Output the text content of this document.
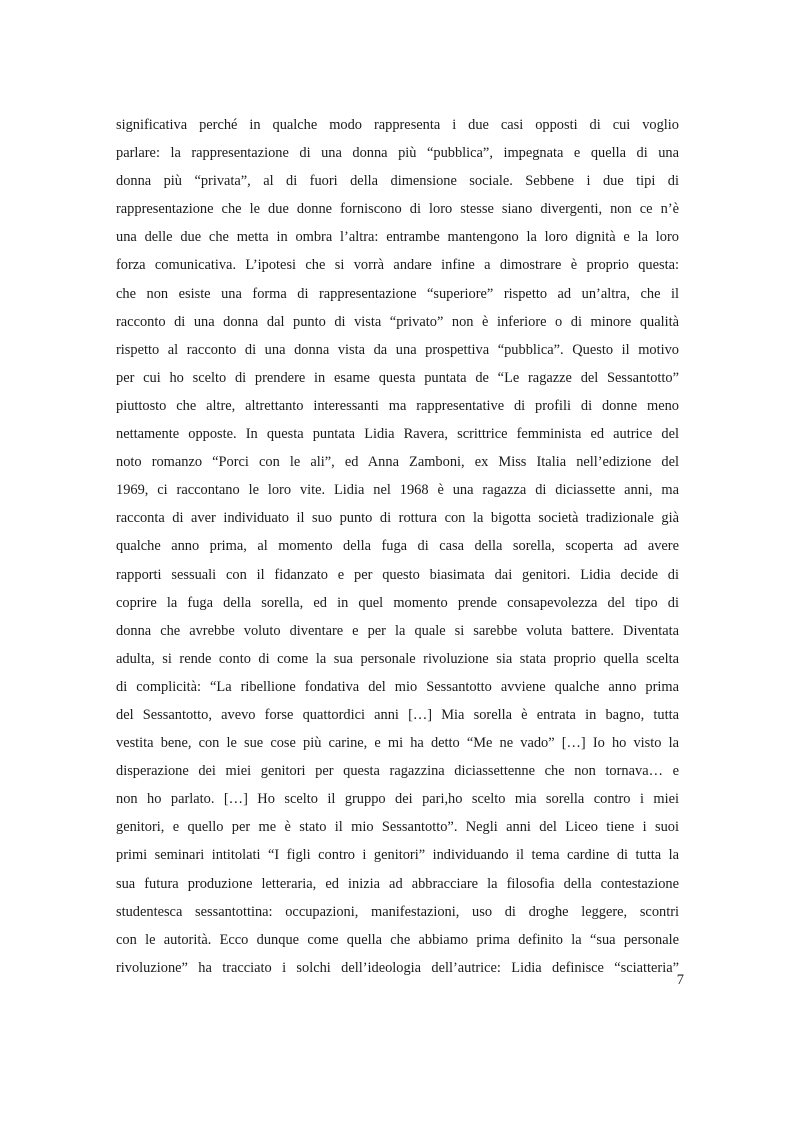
significativa perché in qualche modo rappresenta i due casi opposti di cui voglio
parlare: la rappresentazione di una donna più “pubblica”, impegnata e quella di una
donna più “privata”, al di fuori della dimensione sociale. Sebbene i due tipi di
rappresentazione che le due donne forniscono di loro stesse siano divergenti, non ce n’è
una delle due che metta in ombra l’altra: entrambe mantengono la loro dignità e la loro
forza comunicativa. L’ipotesi che si vorrà andare infine a dimostrare è proprio questa:
che non esiste una forma di rappresentazione “superiore” rispetto ad un’altra, che il
racconto di una donna dal punto di vista “privato” non è inferiore o di minore qualità
rispetto al racconto di una donna vista da una prospettiva “pubblica”. Questo il motivo
per cui ho scelto di prendere in esame questa puntata de “Le ragazze del Sessantotto”
piuttosto che altre, altrettanto interessanti ma rappresentative di profili di donne meno
nettamente opposte. In questa puntata Lidia Ravera, scrittrice femminista ed autrice del
noto romanzo “Porci con le ali”, ed Anna Zamboni, ex Miss Italia nell’edizione del
1969, ci raccontano le loro vite. Lidia nel 1968 è una ragazza di diciassette anni, ma
racconta di aver individuato il suo punto di rottura con la bigotta società tradizionale già
qualche anno prima, al momento della fuga di casa della sorella, scoperta ad avere
rapporti sessuali con il fidanzato e per questo biasimata dai genitori. Lidia decide di
coprire la fuga della sorella, ed in quel momento prende consapevolezza del tipo di
donna che avrebbe voluto diventare e per la quale si sarebbe voluta battere. Diventata
adulta, si rende conto di come la sua personale rivoluzione sia stata proprio quella scelta
di complicità: “La ribellione fondativa del mio Sessantotto avviene qualche anno prima
del Sessantotto, avevo forse quattordici anni […] Mia sorella è entrata in bagno, tutta
vestita bene, con le sue cose più carine, e mi ha detto “Me ne vado” […] Io ho visto la
disperazione dei miei genitori per questa ragazzina diciassettenne che non tornava… e
non ho parlato. […] Ho scelto il gruppo dei pari,ho scelto mia sorella contro i miei
genitori, e quello per me è stato il mio Sessantotto”. Negli anni del Liceo tiene i suoi
primi seminari intitolati “I figli contro i genitori” individuando il tema cardine di tutta la
sua futura produzione letteraria, ed inizia ad abbracciare la filosofia della contestazione
studentesca sessantottina: occupazioni, manifestazioni, uso di droghe leggere, scontri
con le autorità. Ecco dunque come quella che abbiamo prima definito la “sua personale
rivoluzione” ha tracciato i solchi dell’ideologia dell’autrice: Lidia definisce “sciatteria”
7
